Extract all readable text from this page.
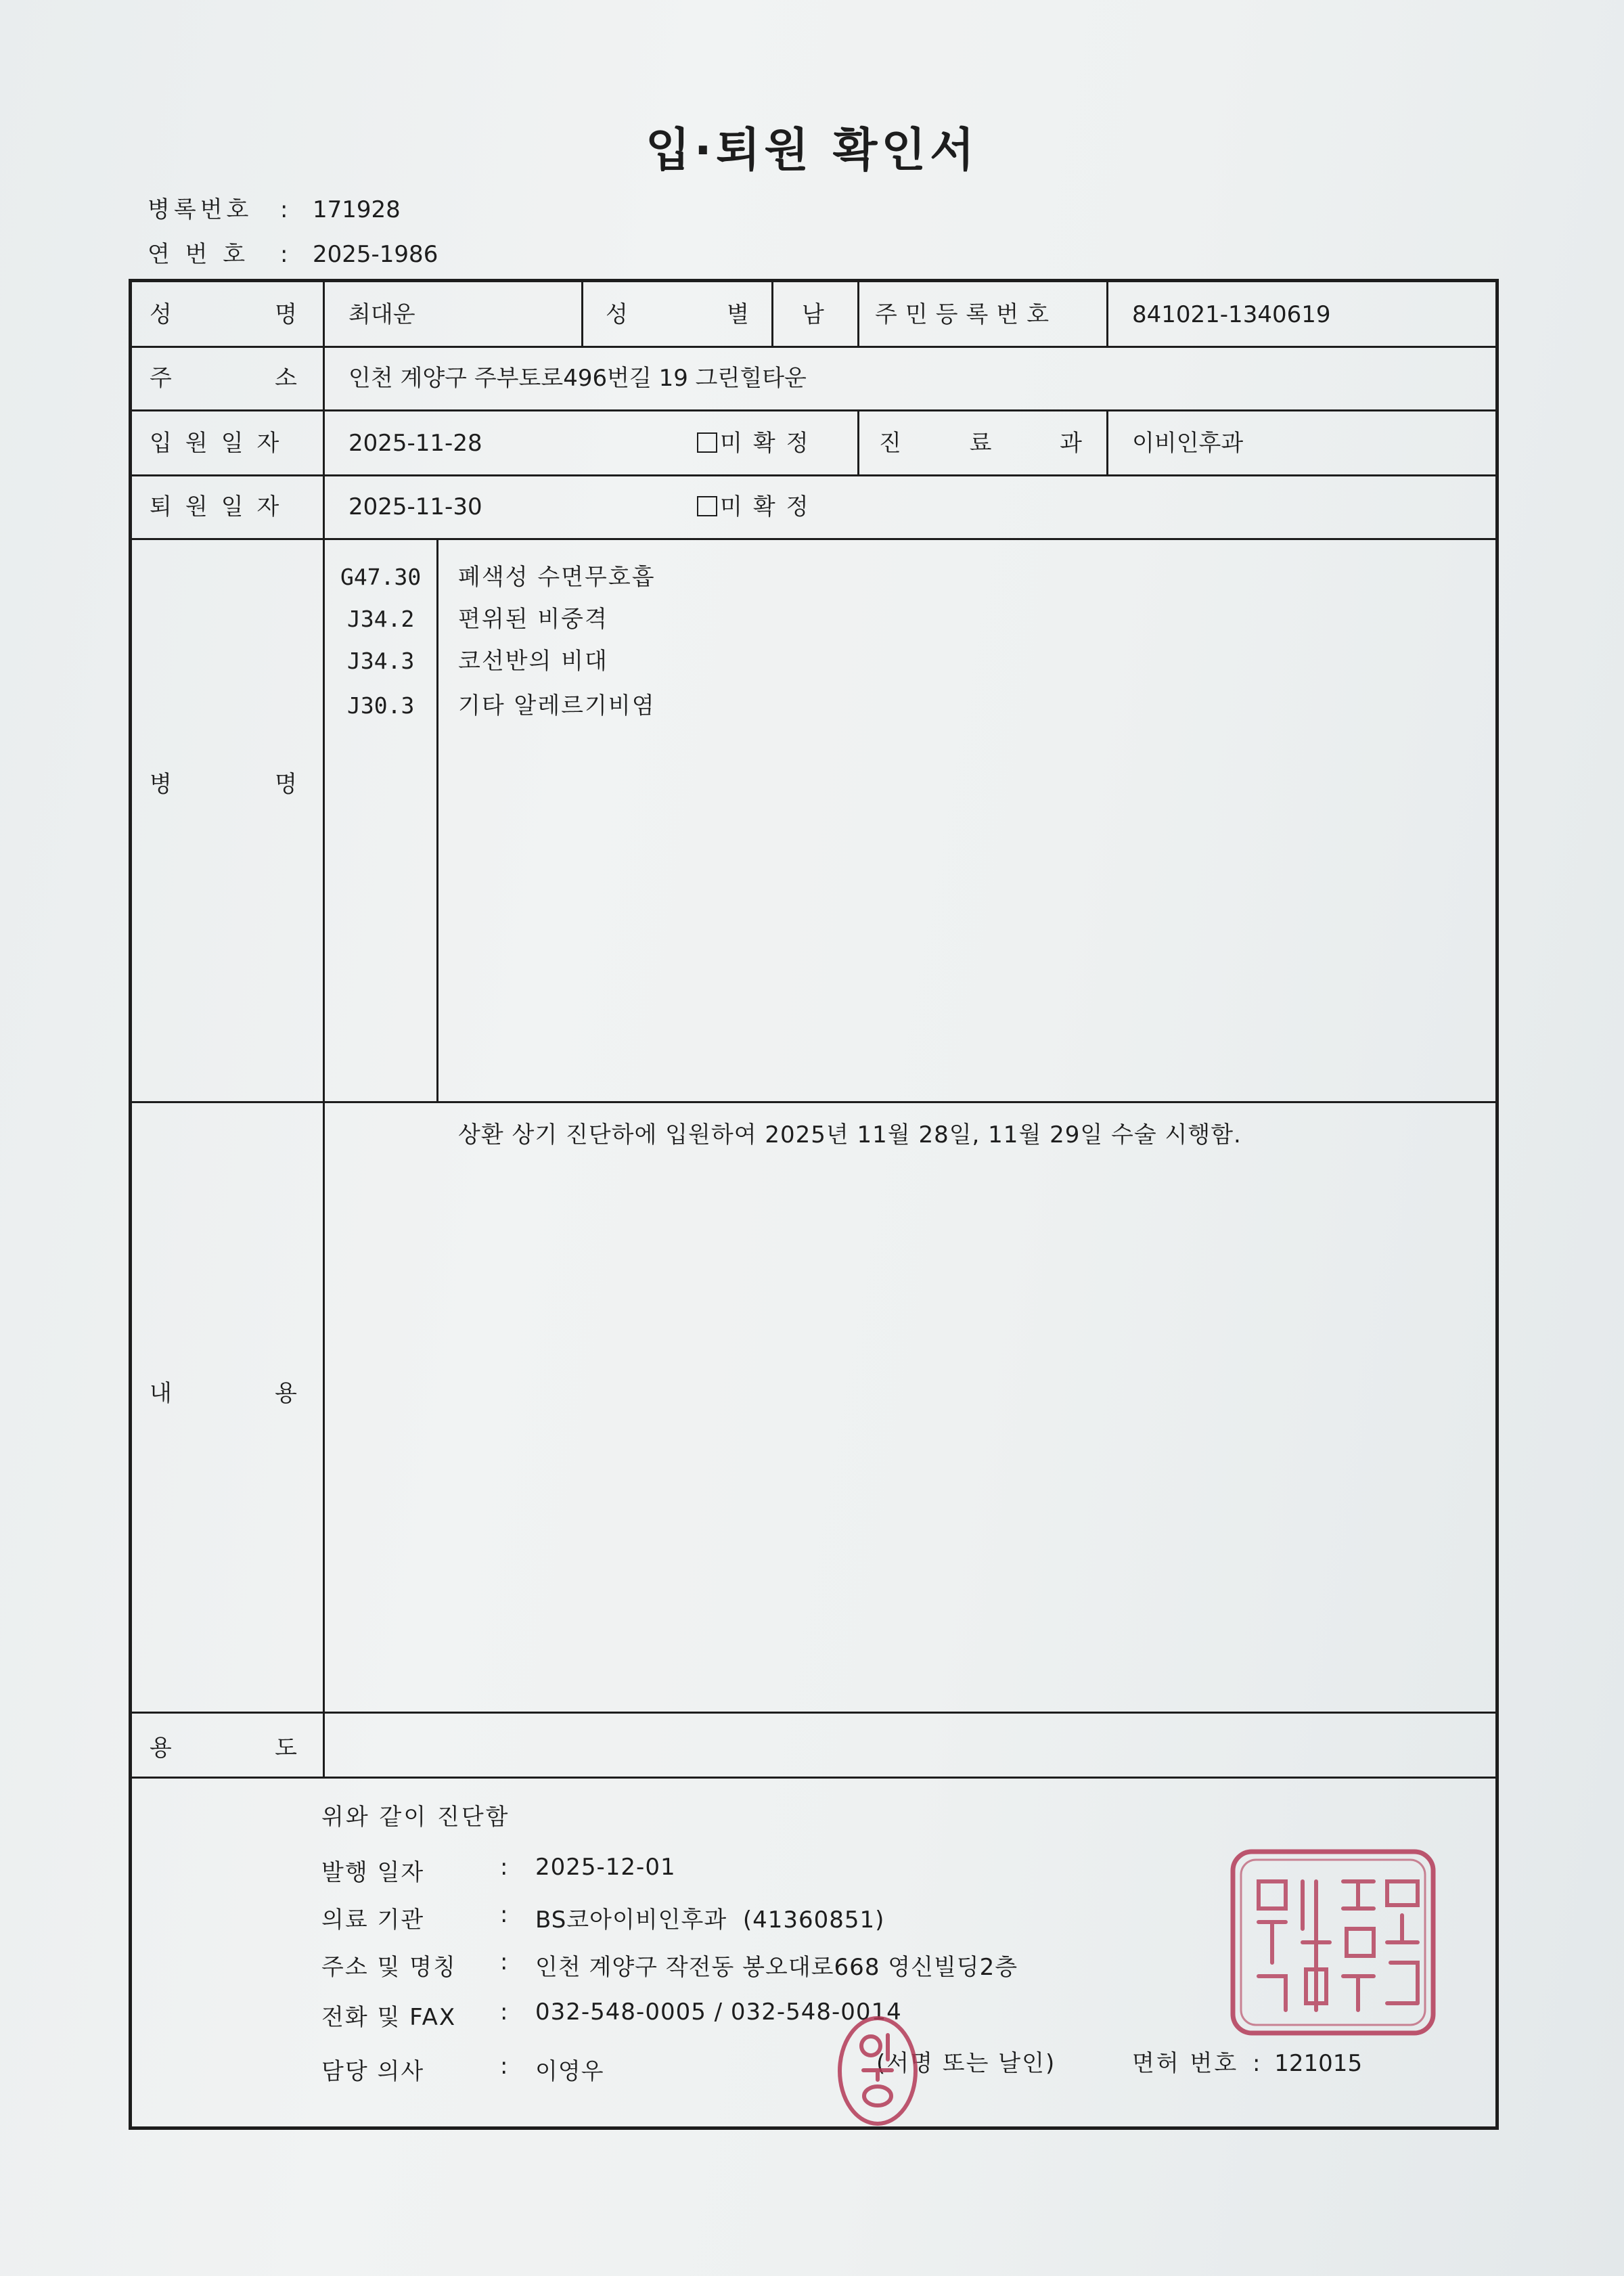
입·퇴원 확인서
병록번호 : 171928
연 번 호 : 2025-1986
성	명 최대운	성	별 남 주민등록번호	841021-1340619
주	소 인천 계양구 주부토로496번길 19 그린힐타운
입원일자 2025-11-28	미확정	진	료	과 이비인후과
퇴원일자 2025-11-30	미확정
병	명
G47.30 폐색성 수면무호흡
J34.2 편위된 비중격
J34.3 코선반의 비대
J30.3 기타 알레르기비염
내	용
상환 상기 진단하에 입원하여 2025년 11월 28일, 11월 29일 수술 시행함.
용	도
위와 같이 진단함
발행 일자	: 2025-12-01
의료 기관	: BS코아이비인후과  (41360851)
주소 및 명칭 : 인천 계양구 작전동 봉오대로668 영신빌딩2층
전화 및 FAX : 032-548-0005 / 032-548-0014
담당 의사	: 이영우	(서명 또는 날인)	면허 번호 : 121015
